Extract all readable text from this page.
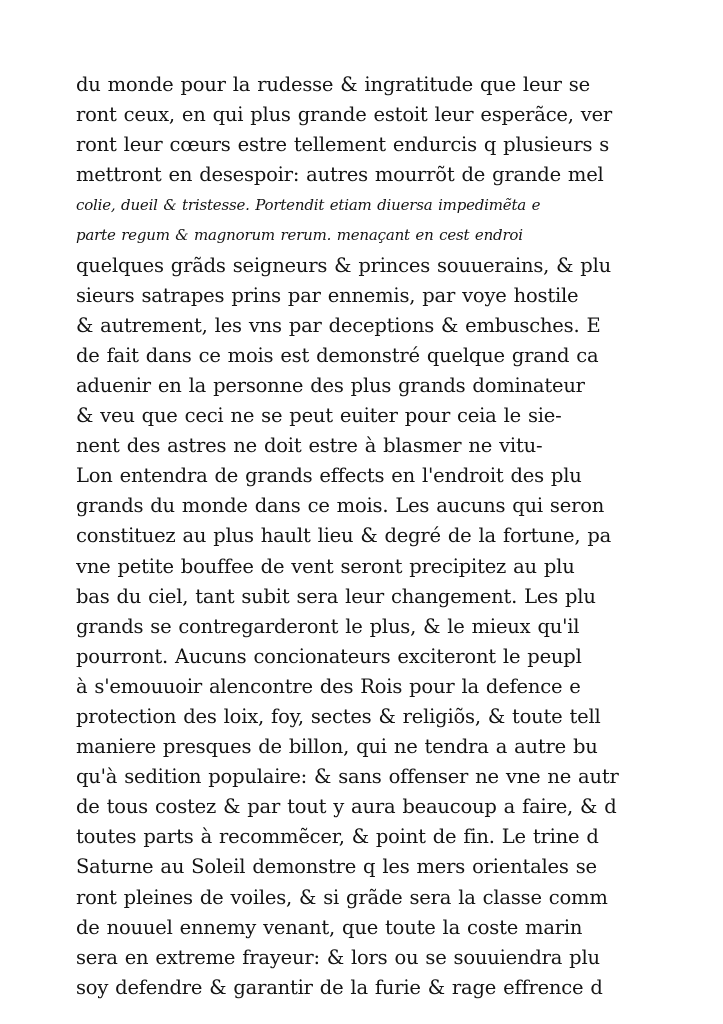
du monde pour la rudesse & ingratitude que leur se
ront ceux, en qui plus grande estoit leur esperãce, ver
ront leur cœurs estre tellement endurcis q plusieurs s
mettront en desespoir: autres mourrõt de grande mel
colie, dueil & tristesse. Portendit etiam diuersa impedimẽta e
parte regum & magnorum rerum. menaçant en cest endroi
quelques grãds seigneurs & princes souuerains, & plu
sieurs satrapes prins par ennemis, par voye hostile
& autrement, les vns par deceptions & embusches. E
de fait dans ce mois est demonstré quelque grand ca
aduenir en la personne des plus grands dominateur
& veu que ceci ne se peut euiter pour ceia le sie-
nent des astres ne doit estre à blasmer ne vitu-
Lon entendra de grands effects en l'endroit des plu
grands du monde dans ce mois. Les aucuns qui seron
constituez au plus hault lieu & degré de la fortune, pa
vne petite bouffee de vent seront precipitez au plu
bas du ciel, tant subit sera leur changement. Les plu
grands se contregarderont le plus, & le mieux qu'il
pourront. Aucuns concionateurs exciteront le peupl
à s'emouuoir alencontre des Rois pour la defence e
protection des loix, foy, sectes & religiõs, & toute tell
maniere presques de billon, qui ne tendra a autre bu
qu'à sedition populaire: & sans offenser ne vne ne autr
de tous costez & par tout y aura beaucoup a faire, & d
toutes parts à recommẽcer, & point de fin. Le trine d
Saturne au Soleil demonstre q les mers orientales se
ront pleines de voiles, & si grãde sera la classe comm
de nouuel ennemy venant, que toute la coste marin
sera en extreme frayeur: & lors ou se souuiendra plu
soy defendre & garantir de la furie & rage effrence d
